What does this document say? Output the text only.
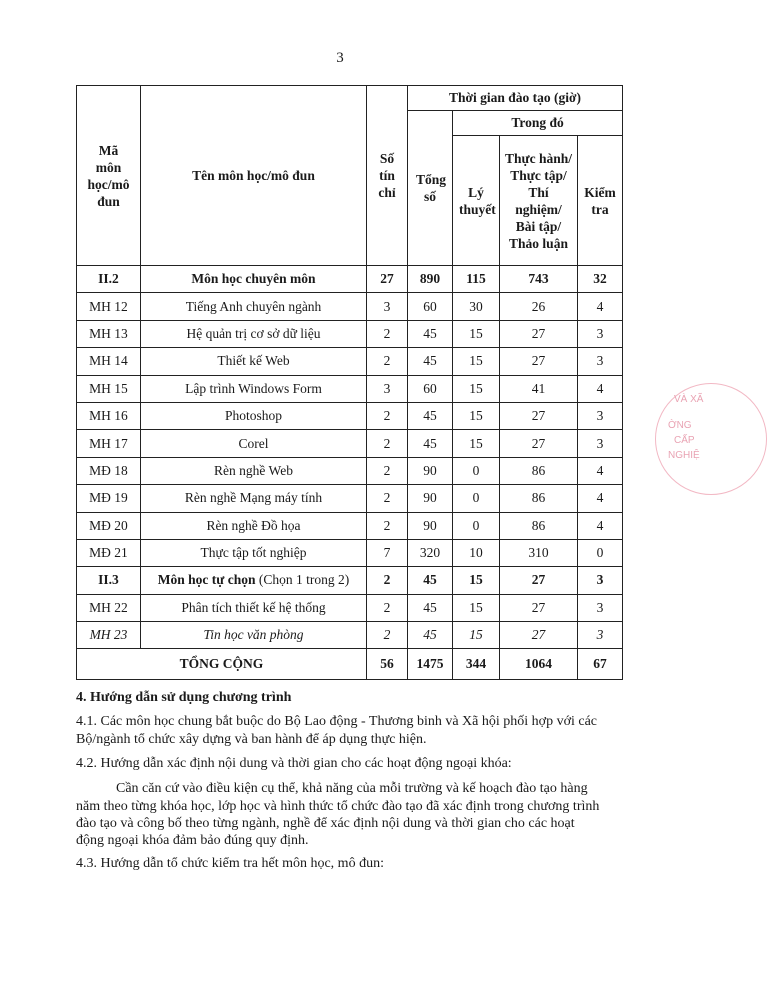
3
Mã môn học/mô đun	Tên môn học/mô đun	Số tín chỉ	Thời gian đào tạo (giờ)			
			Tổng số	Trong đó		
				Lý thuyết	Thực hành/ Thực tập/ Thí nghiệm/ Bài tập/ Thảo luận	Kiểm tra
II.2	Môn học chuyên môn	27	890	115	743	32
MH 12	Tiếng Anh chuyên ngành	3	60	30	26	4
MH 13	Hệ quản trị cơ sở dữ liệu	2	45	15	27	3
MH 14	Thiết kế Web	2	45	15	27	3
MH 15	Lập trình Windows Form	3	60	15	41	4
MH 16	Photoshop	2	45	15	27	3
MH 17	Corel	2	45	15	27	3
MĐ 18	Rèn nghề Web	2	90	0	86	4
MĐ 19	Rèn nghề Mạng máy tính	2	90	0	86	4
MĐ 20	Rèn nghề Đồ họa	2	90	0	86	4
MĐ 21	Thực tập tốt nghiệp	7	320	10	310	0
II.3	Môn học tự chọn (Chọn 1 trong 2)	2	45	15	27	3
MH 22	Phân tích thiết kế hệ thống	2	45	15	27	3
MH 23	Tin học văn phòng	2	45	15	27	3
TỔNG CỘNG		56	1475	344	1064	67
4. Hướng dẫn sử dụng chương trình
4.1. Các môn học chung bắt buộc do Bộ Lao động - Thương binh và Xã hội phối hợp với các
Bộ/ngành tổ chức xây dựng và ban hành để áp dụng thực hiện.
4.2. Hướng dẫn xác định nội dung và thời gian cho các hoạt động ngoại khóa:
Cần căn cứ vào điều kiện cụ thể, khả năng của mỗi trường và kế hoạch đào tạo hàng
năm theo từng khóa học, lớp học và hình thức tổ chức đào tạo đã xác định trong chương trình
đào tạo và công bố theo từng ngành, nghề để xác định nội dung và thời gian cho các hoạt
động ngoại khóa đảm bảo đúng quy định.
4.3. Hướng dẫn tổ chức kiểm tra hết môn học, mô đun:
VÀ XÃ
ỜNG
CẤP
NGHIỆ
